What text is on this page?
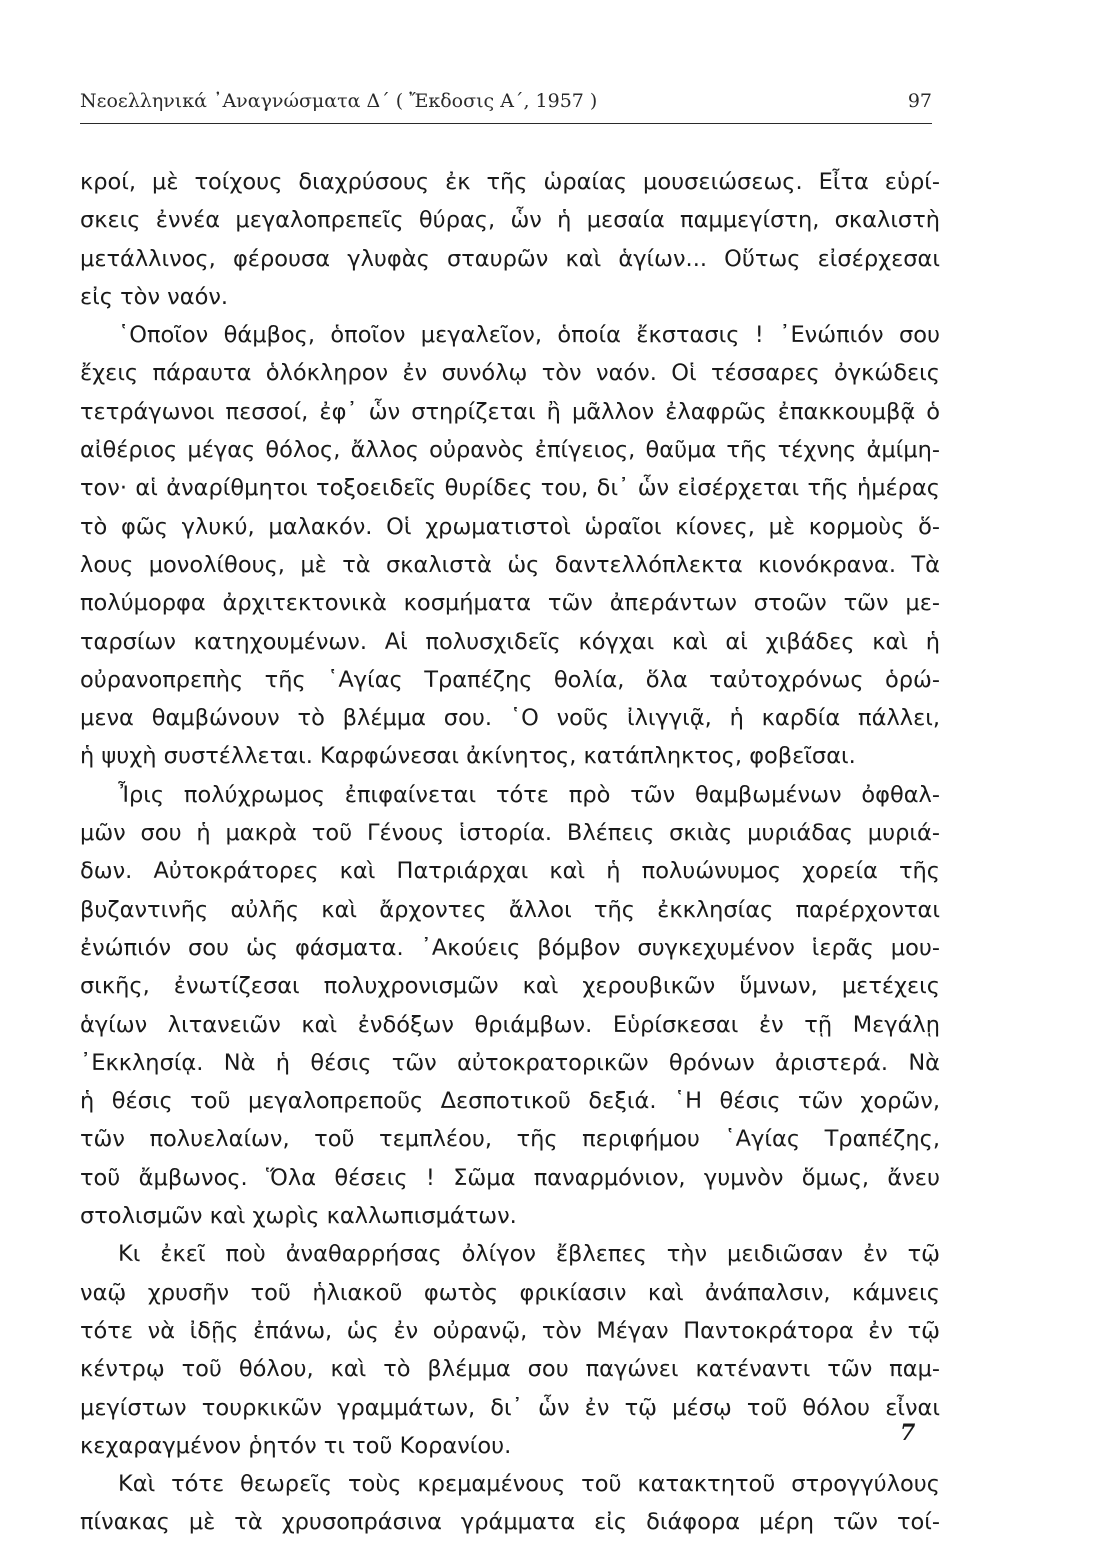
Νεοελληνικά ᾿Αναγνώσματα Δ΄ ( Ἔκδοσις Α΄, 1957 )	97
κροί, μὲ τοίχους διαχρύσους ἐκ τῆς ὡραίας μουσειώσεως. Εἶτα εὑρί-
σκεις ἐννέα μεγαλοπρεπεῖς θύρας, ὧν ἡ μεσαία παμμεγίστη, σκαλιστὴ
μετάλλινος, φέρουσα γλυφὰς σταυρῶν καὶ ἁγίων... Οὕτως εἰσέρχεσαι
εἰς τὸν ναόν.
῾Οποῖον θάμβος, ὁποῖον μεγαλεῖον, ὁποία ἔκστασις ! ᾿Ενώπιόν σου
ἔχεις πάραυτα ὁλόκληρον ἐν συνόλῳ τὸν ναόν. Οἱ τέσσαρες ὀγκώδεις
τετράγωνοι πεσσοί, ἐφ᾿ ὧν στηρίζεται ἢ μᾶλλον ἐλαφρῶς ἐπακκουμβᾷ ὁ
αἰθέριος μέγας θόλος, ἄλλος οὐρανὸς ἐπίγειος, θαῦμα τῆς τέχνης ἀμίμη-
τον· αἱ ἀναρίθμητοι τοξοειδεῖς θυρίδες του, δι᾿ ὧν εἰσέρχεται τῆς ἡμέρας
τὸ φῶς γλυκύ, μαλακόν. Οἱ χρωματιστοὶ ὡραῖοι κίονες, μὲ κορμοὺς ὅ-
λους μονολίθους, μὲ τὰ σκαλιστὰ ὡς δαντελλόπλεκτα κιονόκρανα. Τὰ
πολύμορφα ἀρχιτεκτονικὰ κοσμήματα τῶν ἀπεράντων στοῶν τῶν με-
ταρσίων κατηχουμένων. Αἱ πολυσχιδεῖς κόγχαι καὶ αἱ χιβάδες καὶ ἡ
οὐρανοπρεπὴς τῆς ῾Αγίας Τραπέζης θολία, ὅλα ταὐτοχρόνως ὁρώ-
μενα θαμβώνουν τὸ βλέμμα σου. ῾Ο νοῦς ἰλιγγιᾷ, ἡ καρδία πάλλει,
ἡ ψυχὴ συστέλλεται. Καρφώνεσαι ἀκίνητος, κατάπληκτος, φοβεῖσαι.
Ἶρις πολύχρωμος ἐπιφαίνεται τότε πρὸ τῶν θαμβωμένων ὀφθαλ-
μῶν σου ἡ μακρὰ τοῦ Γένους ἱστορία. Βλέπεις σκιὰς μυριάδας μυριά-
δων. Αὐτοκράτορες καὶ Πατριάρχαι καὶ ἡ πολυώνυμος χορεία τῆς
βυζαντινῆς αὐλῆς καὶ ἄρχοντες ἄλλοι τῆς ἐκκλησίας παρέρχονται
ἐνώπιόν σου ὡς φάσματα. ᾿Ακούεις βόμβον συγκεχυμένον ἱερᾶς μου-
σικῆς, ἐνωτίζεσαι πολυχρονισμῶν καὶ χερουβικῶν ὕμνων, μετέχεις
ἁγίων λιτανειῶν καὶ ἐνδόξων θριάμβων. Εὑρίσκεσαι ἐν τῇ Μεγάλῃ
᾿Εκκλησίᾳ. Νὰ ἡ θέσις τῶν αὐτοκρατορικῶν θρόνων ἀριστερά. Νὰ
ἡ θέσις τοῦ μεγαλοπρεποῦς Δεσποτικοῦ δεξιά. ῾Η θέσις τῶν χορῶν,
τῶν πολυελαίων, τοῦ τεμπλέου, τῆς περιφήμου ῾Αγίας Τραπέζης,
τοῦ ἄμβωνος. Ὅλα θέσεις ! Σῶμα παναρμόνιον, γυμνὸν ὅμως, ἄνευ
στολισμῶν καὶ χωρὶς καλλωπισμάτων.
Κι ἐκεῖ ποὺ ἀναθαρρήσας ὀλίγον ἔβλεπες τὴν μειδιῶσαν ἐν τῷ
ναῷ χρυσῆν τοῦ ἡλιακοῦ φωτὸς φρικίασιν καὶ ἀνάπαλσιν, κάμνεις
τότε νὰ ἰδῇς ἐπάνω, ὡς ἐν οὐρανῷ, τὸν Μέγαν Παντοκράτορα ἐν τῷ
κέντρῳ τοῦ θόλου, καὶ τὸ βλέμμα σου παγώνει κατέναντι τῶν παμ-
μεγίστων τουρκικῶν γραμμάτων, δι᾿ ὧν ἐν τῷ μέσῳ τοῦ θόλου εἶναι
κεχαραγμένον ῥητόν τι τοῦ Κορανίου.
Καὶ τότε θεωρεῖς τοὺς κρεμαμένους τοῦ κατακτητοῦ στρογγύλους
πίνακας μὲ τὰ χρυσοπράσινα γράμματα εἰς διάφορα μέρη τῶν τοί-
7
